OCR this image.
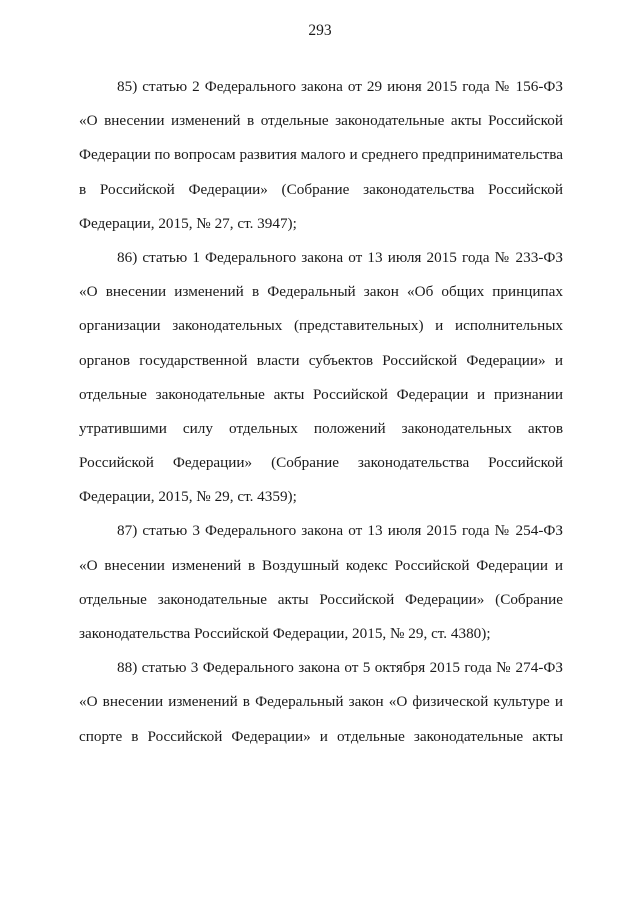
293
85) статью 2 Федерального закона от 29 июня 2015 года № 156-ФЗ
«О внесении изменений в отдельные законодательные акты Российской
Федерации по вопросам развития малого и среднего предпринимательства
в Российской Федерации» (Собрание законодательства Российской
Федерации, 2015, № 27, ст. 3947);
86) статью 1 Федерального закона от 13 июля 2015 года № 233-ФЗ
«О внесении изменений в Федеральный закон «Об общих принципах
организации законодательных (представительных) и исполнительных
органов государственной власти субъектов Российской Федерации» и
отдельные законодательные акты Российской Федерации и признании
утратившими силу отдельных положений законодательных актов
Российской Федерации» (Собрание законодательства Российской
Федерации, 2015, № 29, ст. 4359);
87) статью 3 Федерального закона от 13 июля 2015 года № 254-ФЗ
«О внесении изменений в Воздушный кодекс Российской Федерации и
отдельные законодательные акты Российской Федерации» (Собрание
законодательства Российской Федерации, 2015, № 29, ст. 4380);
88) статью 3 Федерального закона от 5 октября 2015 года № 274-ФЗ
«О внесении изменений в Федеральный закон «О физической культуре и
спорте в Российской Федерации» и отдельные законодательные акты
